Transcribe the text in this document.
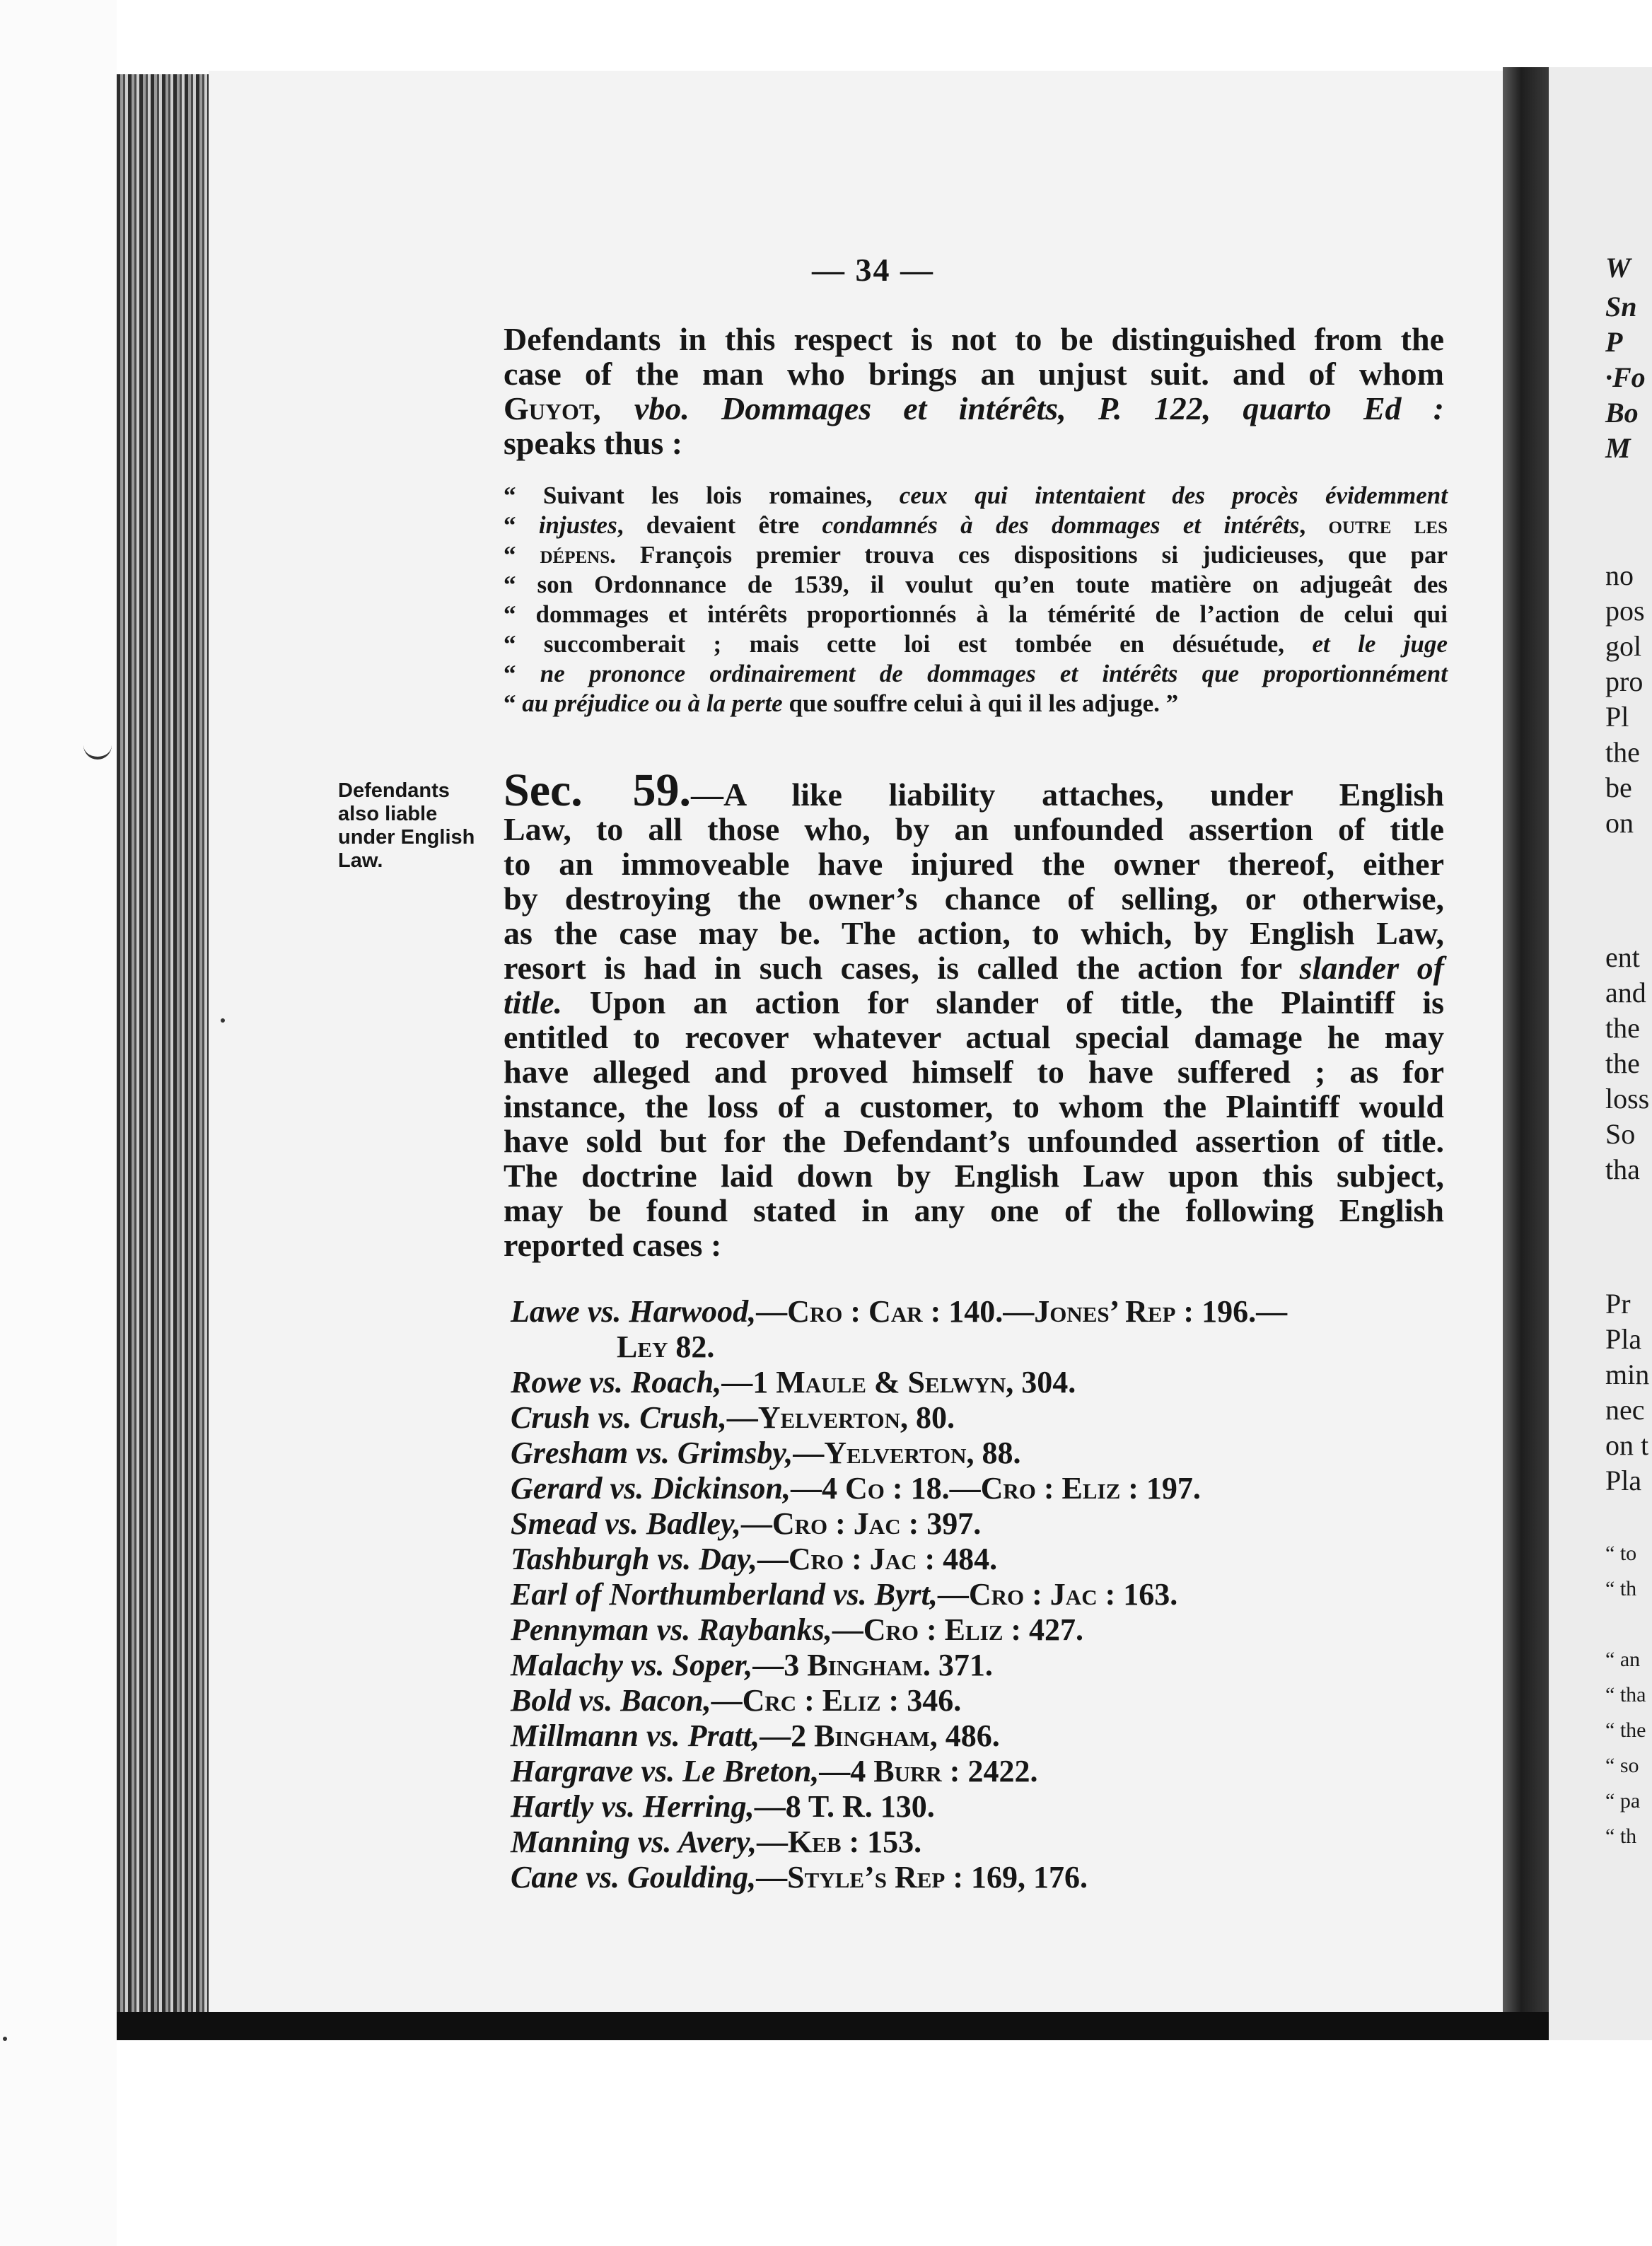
W
Sn
P
·Fo
Bo
M
no
pos
gol
pro
Pl
the
be
on
ent
and
the
the
loss
So
tha
Pr
Pla
min
nec
on t
Pla
“ to
“ th
“ an
“ tha
“ the
“ so
“ pa
“ th
— 34 —
Defendants in this respect is not to be distinguished from the
case of the man who brings an unjust suit. and of whom
Guyot, vbo. Dommages et intérêts, P. 122, quarto Ed :
speaks thus :
“ Suivant les lois romaines, ceux qui intentaient des procès évidemment
“ injustes, devaient être condamnés à des dommages et intérêts, outre les
“ dépens. François premier trouva ces dispositions si judicieuses, que par
“ son Ordonnance de 1539, il voulut qu’en toute matière on adjugeât des
“ dommages et intérêts proportionnés à la témérité de l’action de celui qui
“ succomberait ; mais cette loi est tombée en désuétude, et le juge
“ ne prononce ordinairement de dommages et intérêts que proportionnément
“ au préjudice ou à la perte que souffre celui à qui il les adjuge. ”
Defendants
also liable
under English
Law.
Sec. 59.—A like liability attaches, under English
Law, to all those who, by an unfounded assertion of title
to an immoveable have injured the owner thereof, either
by destroying the owner’s chance of selling, or otherwise,
as the case may be. The action, to which, by English Law,
resort is had in such cases, is called the action for slander of
title. Upon an action for slander of title, the Plaintiff is
entitled to recover whatever actual special damage he may
have alleged and proved himself to have suffered ; as for
instance, the loss of a customer, to whom the Plaintiff would
have sold but for the Defendant’s unfounded assertion of title.
The doctrine laid down by English Law upon this subject,
may be found stated in any one of the following English
reported cases :
Lawe vs. Harwood,—Cro : Car : 140.—Jones’ Rep : 196.—
Ley 82.
Rowe vs. Roach,—1 Maule & Selwyn, 304.
Crush vs. Crush,—Yelverton, 80.
Gresham vs. Grimsby,—Yelverton, 88.
Gerard vs. Dickinson,—4 Co : 18.—Cro : Eliz : 197.
Smead vs. Badley,—Cro : Jac : 397.
Tashburgh vs. Day,—Cro : Jac : 484.
Earl of Northumberland vs. Byrt,—Cro : Jac : 163.
Pennyman vs. Raybanks,—Cro : Eliz : 427.
Malachy vs. Soper,—3 Bingham. 371.
Bold vs. Bacon,—Crc : Eliz : 346.
Millmann vs. Pratt,—2 Bingham, 486.
Hargrave vs. Le Breton,—4 Burr : 2422.
Hartly vs. Herring,—8 T. R. 130.
Manning vs. Avery,—Keb : 153.
Cane vs. Goulding,—Style’s Rep : 169, 176.
